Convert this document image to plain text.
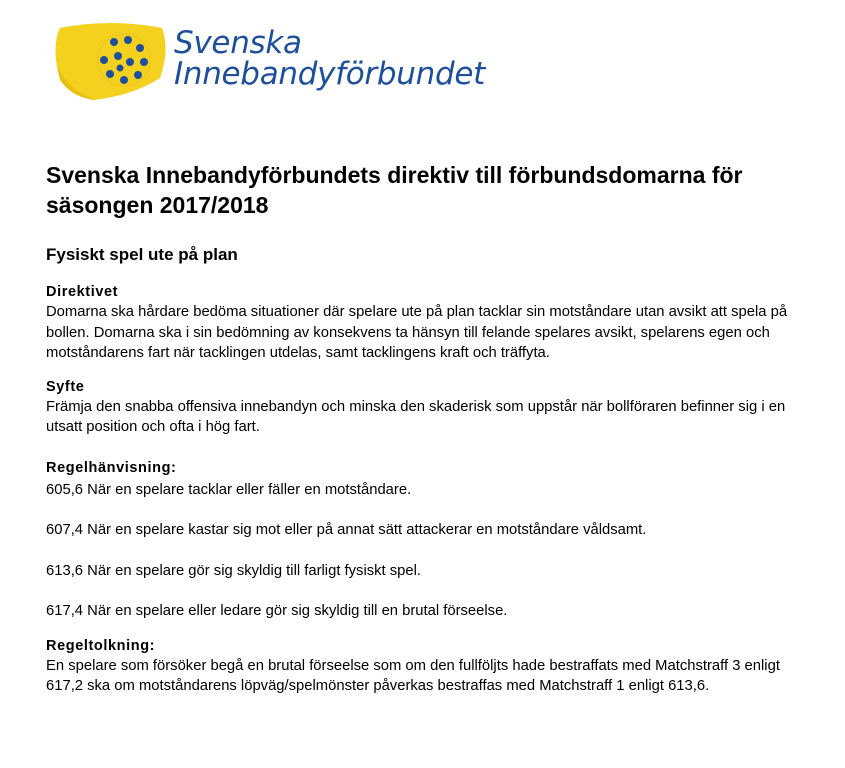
Svenska
Innebandyförbundet
Svenska Innebandyförbundets direktiv till förbundsdomarna för säsongen 2017/2018
Fysiskt spel ute på plan
Direktivet

Domarna ska hårdare bedöma situationer där spelare ute på plan tacklar sin motståndare utan avsikt att spela på bollen. Domarna ska i sin bedömning av konsekvens ta hänsyn till felande spelares avsikt, spelarens egen och motståndarens fart när tacklingen utdelas, samt tacklingens kraft och träffyta.

Syfte

Främja den snabba offensiva innebandyn och minska den skaderisk som uppstår när bollföraren befinner sig i en utsatt position och ofta i hög fart.

Regelhänvisning:

605,6 När en spelare tacklar eller fäller en motståndare.

607,4 När en spelare kastar sig mot eller på annat sätt attackerar en motståndare våldsamt.

613,6 När en spelare gör sig skyldig till farligt fysiskt spel.

617,4 När en spelare eller ledare gör sig skyldig till en brutal förseelse.

Regeltolkning:

En spelare som försöker begå en brutal förseelse som om den fullföljts hade bestraffats med Matchstraff 3 enligt 617,2 ska om motståndarens löpväg/spelmönster påverkas bestraffas med Matchstraff 1 enligt 613,6.
